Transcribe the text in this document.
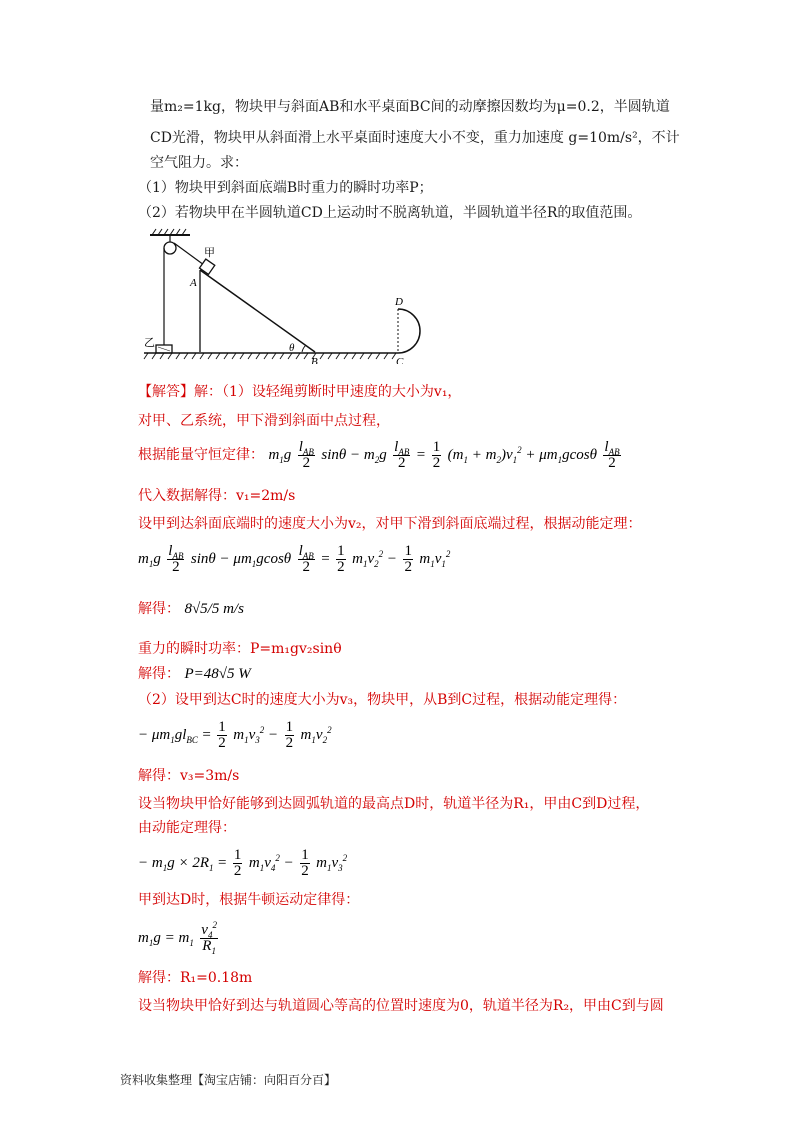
量m₂=1kg，物块甲与斜面AB和水平桌面BC间的动摩擦因数均为μ=0.2，半圆轨道
CD光滑，物块甲从斜面滑上水平桌面时速度大小不变，重力加速度 g=10m/s²，不计
空气阻力。求：
（1）物块甲到斜面底端B时重力的瞬时功率P；
（2）若物块甲在半圆轨道CD上运动时不脱离轨道，半圆轨道半径R的取值范围。
甲
乙
A
B	C
D
θ
【解答】解：（1）设轻绳剪断时甲速度的大小为v₁，
对甲、乙系统，甲下滑到斜面中点过程，
根据能量守恒定律： $m_1g \frac{l_{AB}}{2}$ $\sin\theta - m_2g \frac{l_{AB}}{2} = \frac{1}{2} (m_1 + m_2)v_1^2 + \mu m_1gcos\theta \frac{l_{AB}}{2}$
代入数据解得：v₁=2m/s
设甲到达斜面底端时的速度大小为v₂，对甲下滑到斜面底端过程，根据动能定理：
$m_1g \frac{l_{AB}}{2}$ $\sin\theta - \mu m_1gcos\theta \frac{l_{AB}}{2} = \frac{1}{2} m_1v_2^2 - \frac{1}{2} m_1v_1^2$
解得： 8√5/5 m/s
重力的瞬时功率：P=m₁gv₂sinθ
解得： P=48√5 W
（2）设甲到达C时的速度大小为v₃，物块甲，从B到C过程，根据动能定理得：
− $\mu m_1gl_{BC} = \frac{1}{2} m_1v_3^2 - \frac{1}{2} m_1v_2^2$
解得：v₃=3m/s
设当物块甲恰好能够到达圆弧轨道的最高点D时，轨道半径为R₁，甲由C到D过程，
由动能定理得：
− $m_1g \times 2R_1 = \frac{1}{2} m_1v_4^2 - \frac{1}{2} m_1v_3^2$
甲到达D时，根据牛顿运动定律得：
$m_1g = m_1 \frac{v_4^2}{R_1}$
解得：R₁=0.18m
设当物块甲恰好到达与轨道圆心等高的位置时速度为0，轨道半径为R₂，甲由C到与圆
资料收集整理【淘宝店铺：向阳百分百】
